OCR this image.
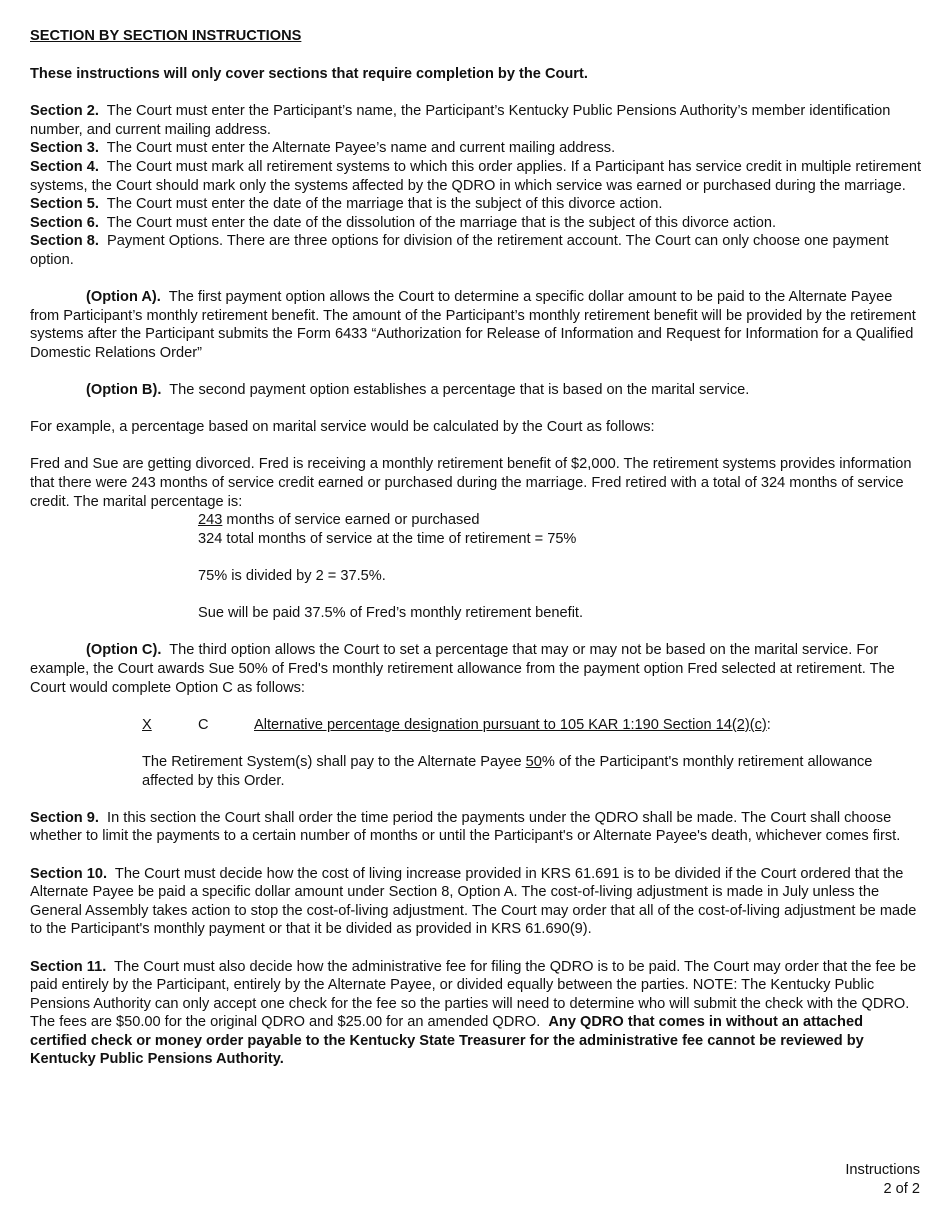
SECTION BY SECTION INSTRUCTIONS

These instructions will only cover sections that require completion by the Court.

Section 2. The Court must enter the Participant’s name, the Participant’s Kentucky Public Pensions Authority’s member identification number, and current mailing address.

Section 3. The Court must enter the Alternate Payee’s name and current mailing address.

Section 4. The Court must mark all retirement systems to which this order applies. If a Participant has service credit in multiple retirement systems, the Court should mark only the systems affected by the QDRO in which service was earned or purchased during the marriage.

Section 5. The Court must enter the date of the marriage that is the subject of this divorce action.

Section 6. The Court must enter the date of the dissolution of the marriage that is the subject of this divorce action.

Section 8. Payment Options. There are three options for division of the retirement account. The Court can only choose one payment option.

(Option A). The first payment option allows the Court to determine a specific dollar amount to be paid to the Alternate Payee from Participant’s monthly retirement benefit. The amount of the Participant’s monthly retirement benefit will be provided by the retirement systems after the Participant submits the Form 6433 “Authorization for Release of Information and Request for Information for a Qualified Domestic Relations Order”

(Option B). The second payment option establishes a percentage that is based on the marital service.

For example, a percentage based on marital service would be calculated by the Court as follows:

Fred and Sue are getting divorced. Fred is receiving a monthly retirement benefit of $2,000. The retirement systems provides information that there were 243 months of service credit earned or purchased during the marriage. Fred retired with a total of 324 months of service credit. The marital percentage is:

243 months of service earned or purchased

324 total months of service at the time of retirement = 75%

75% is divided by 2 = 37.5%.

Sue will be paid 37.5% of Fred’s monthly retirement benefit.

(Option C). The third option allows the Court to set a percentage that may or may not be based on the marital service. For example, the Court awards Sue 50% of Fred's monthly retirement allowance from the payment option Fred selected at retirement. The Court would complete Option C as follows:

X	C	Alternative percentage designation pursuant to 105 KAR 1:190 Section 14(2)(c):

The Retirement System(s) shall pay to the Alternate Payee 50% of the Participant's monthly retirement allowance affected by this Order.

Section 9. In this section the Court shall order the time period the payments under the QDRO shall be made. The Court shall choose whether to limit the payments to a certain number of months or until the Participant's or Alternate Payee's death, whichever comes first.

Section 10. The Court must decide how the cost of living increase provided in KRS 61.691 is to be divided if the Court ordered that the Alternate Payee be paid a specific dollar amount under Section 8, Option A. The cost-of-living adjustment is made in July unless the General Assembly takes action to stop the cost-of-living adjustment. The Court may order that all of the cost-of-living adjustment be made to the Participant's monthly payment or that it be divided as provided in KRS 61.690(9).

Section 11. The Court must also decide how the administrative fee for filing the QDRO is to be paid. The Court may order that the fee be paid entirely by the Participant, entirely by the Alternate Payee, or divided equally between the parties. NOTE: The Kentucky Public Pensions Authority can only accept one check for the fee so the parties will need to determine who will submit the check with the QDRO. The fees are $50.00 for the original QDRO and $25.00 for an amended QDRO. Any QDRO that comes in without an attached certified check or money order payable to the Kentucky State Treasurer for the administrative fee cannot be reviewed by Kentucky Public Pensions Authority.

Instructions

2 of 2
